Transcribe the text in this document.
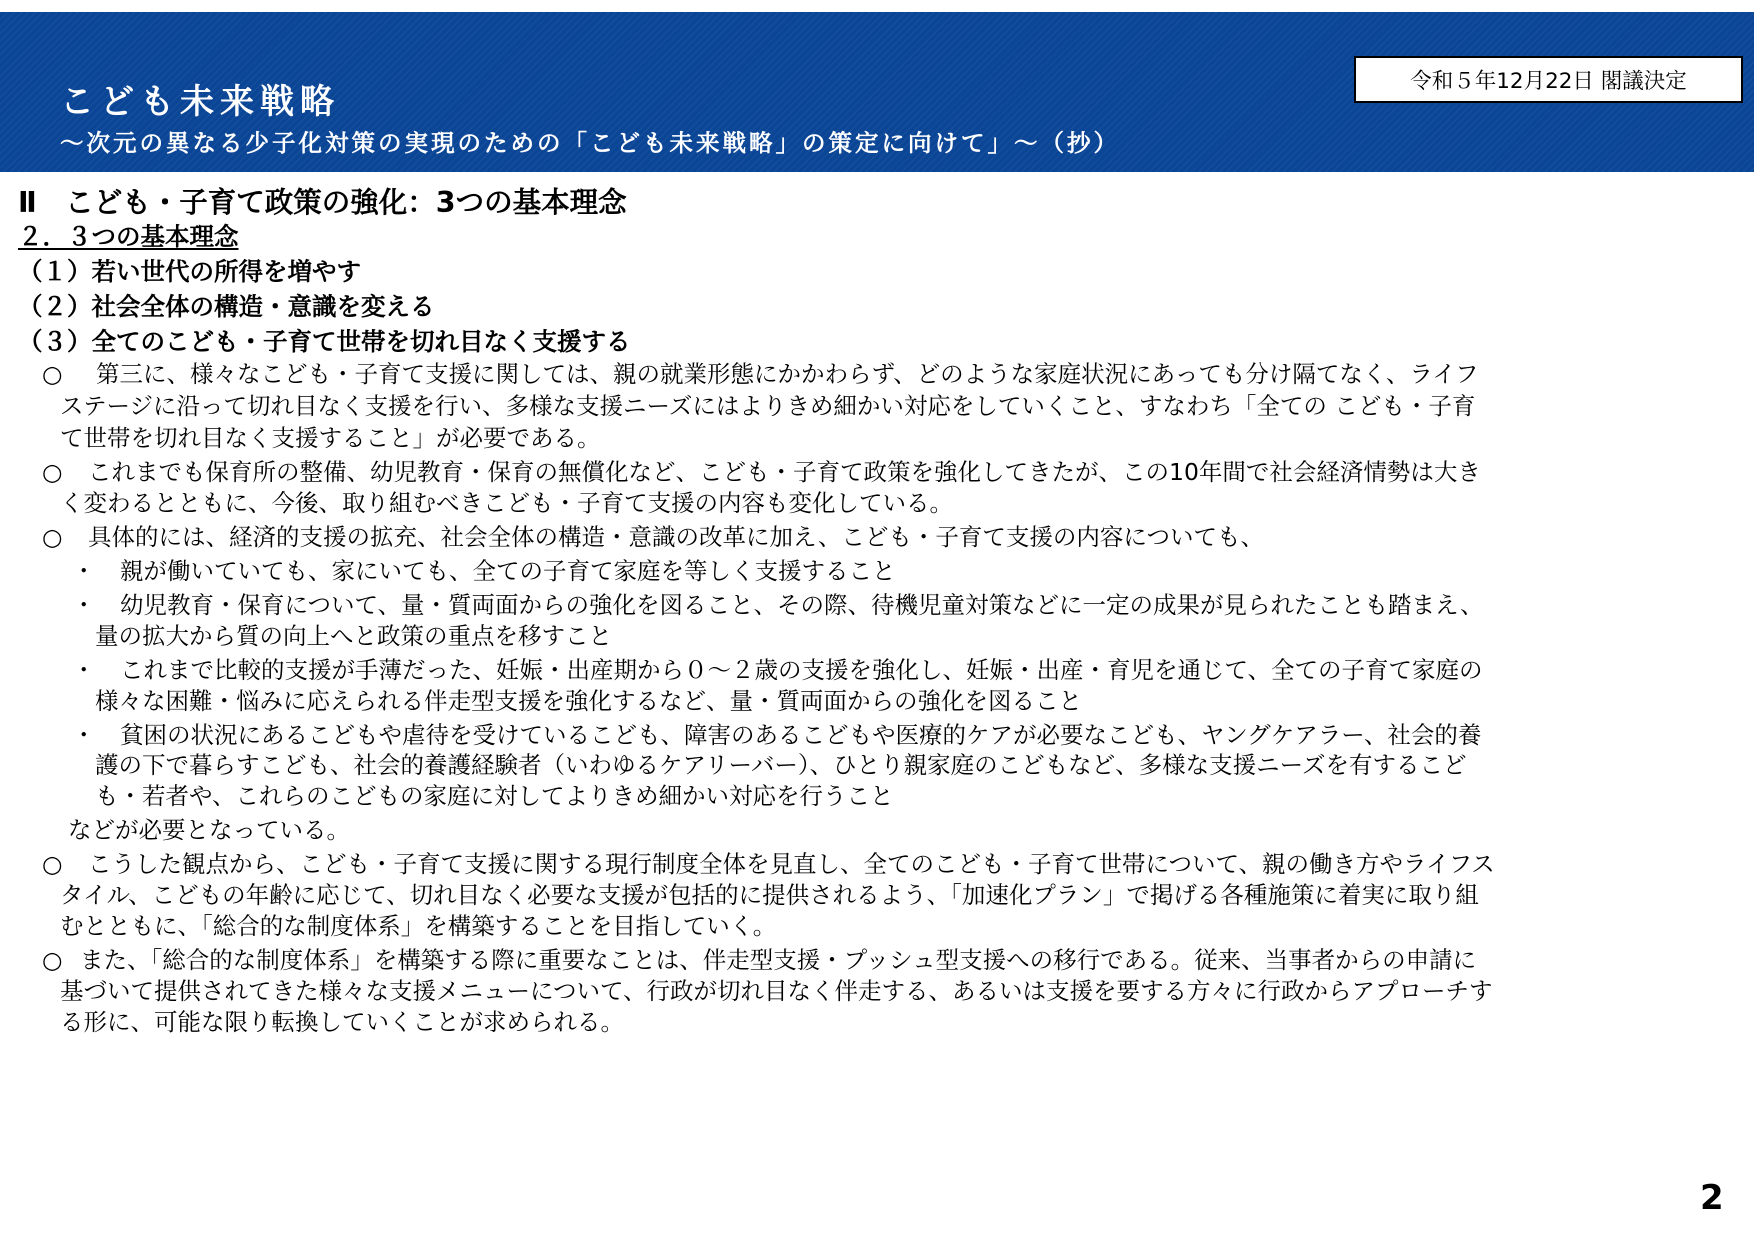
こども未来戦略
～次元の異なる少子化対策の実現のための「こども未来戦略」の策定に向けて」～（抄）
令和５年12月22日 閣議決定
Ⅱ　こども・子育て政策の強化：3つの基本理念
２．３つの基本理念
（１）若い世代の所得を増やす
（２）社会全体の構造・意識を変える
（３）全てのこども・子育て世帯を切れ目なく支援する
○ 第三に、様々なこども・子育て支援に関しては、親の就業形態にかかわらず、どのような家庭状況にあっても分け隔てなく、ライフ
ステージに沿って切れ目なく支援を行い、多様な支援ニーズにはよりきめ細かい対応をしていくこと、すなわち「全ての こども・子育
て世帯を切れ目なく支援すること」が必要である。
○ これまでも保育所の整備、幼児教育・保育の無償化など、こども・子育て政策を強化してきたが、この10年間で社会経済情勢は大き
く変わるとともに、今後、取り組むべきこども・子育て支援の内容も変化している。
○ 具体的には、経済的支援の拡充、社会全体の構造・意識の改革に加え、こども・子育て支援の内容についても、
・ 親が働いていても、家にいても、全ての子育て家庭を等しく支援すること
・ 幼児教育・保育について、量・質両面からの強化を図ること、その際、待機児童対策などに一定の成果が見られたことも踏まえ、
量の拡大から質の向上へと政策の重点を移すこと
・ これまで比較的支援が手薄だった、妊娠・出産期から０～２歳の支援を強化し、妊娠・出産・育児を通じて、全ての子育て家庭の
様々な困難・悩みに応えられる伴走型支援を強化するなど、量・質両面からの強化を図ること
・ 貧困の状況にあるこどもや虐待を受けているこども、障害のあるこどもや医療的ケアが必要なこども、ヤングケアラー、社会的養
護の下で暮らすこども、社会的養護経験者（いわゆるケアリーバー）、ひとり親家庭のこどもなど、多様な支援ニーズを有するこど
も・若者や、これらのこどもの家庭に対してよりきめ細かい対応を行うこと
などが必要となっている。
○ こうした観点から、こども・子育て支援に関する現行制度全体を見直し、全てのこども・子育て世帯について、親の働き方やライフス
タイル、こどもの年齢に応じて、切れ目なく必要な支援が包括的に提供されるよう、「加速化プラン」で掲げる各種施策に着実に取り組
むとともに、「総合的な制度体系」を構築することを目指していく。
○ また、「総合的な制度体系」を構築する際に重要なことは、伴走型支援・プッシュ型支援への移行である。従来、当事者からの申請に
基づいて提供されてきた様々な支援メニューについて、行政が切れ目なく伴走する、あるいは支援を要する方々に行政からアプローチす
る形に、可能な限り転換していくことが求められる。
2
